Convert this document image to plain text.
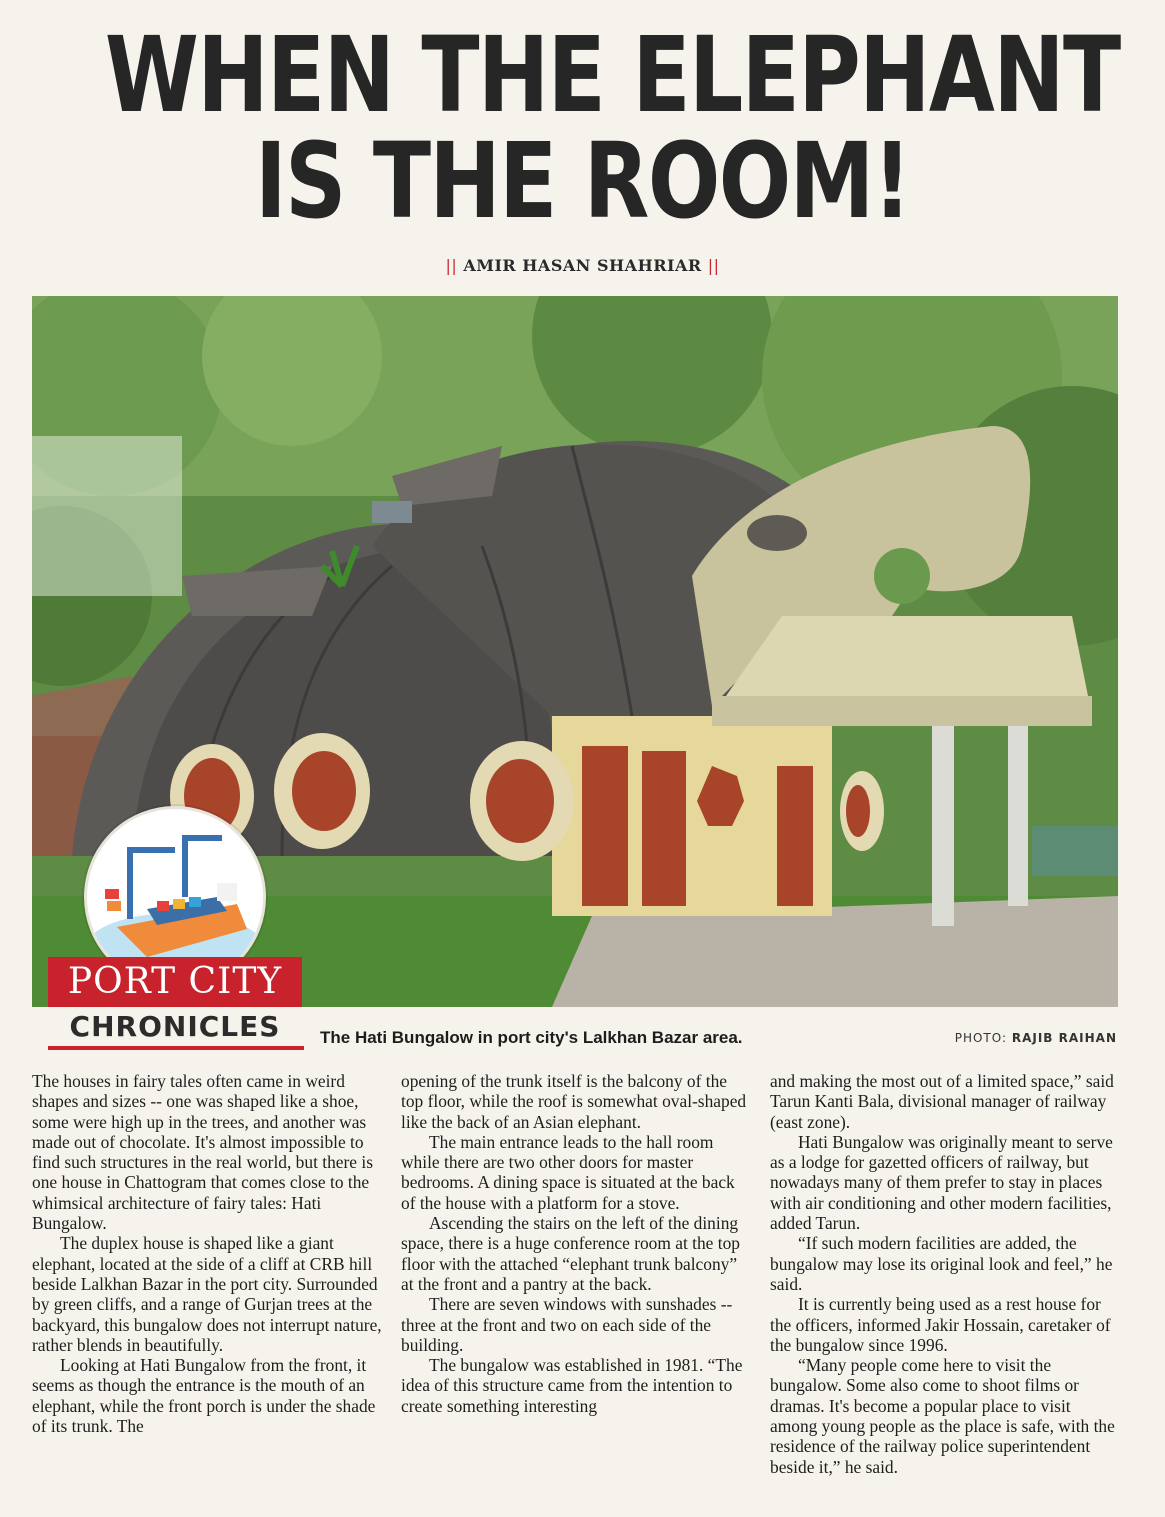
WHEN THE ELEPHANT
IS THE ROOM!
|| AMIR HASAN SHAHRIAR ||
PORT CITY
CHRONICLES	The Hati Bungalow in port city's Lalkhan Bazar area.	PHOTO: RAJIB RAIHAN

The houses in fairy tales often came in weird shapes and sizes -- one was shaped like a shoe, some were high up in the trees, and another was made out of chocolate. It's almost impossible to find such structures in the real world, but there is one house in Chattogram that comes close to the whimsical architecture of fairy tales: Hati Bungalow.

The duplex house is shaped like a giant elephant, located at the side of a cliff at CRB hill beside Lalkhan Bazar in the port city. Surrounded by green cliffs, and a range of Gurjan trees at the backyard, this bungalow does not interrupt nature, rather blends in beautifully.

Looking at Hati Bungalow from the front, it seems as though the entrance is the mouth of an elephant, while the front porch is under the shade of its trunk. The

opening of the trunk itself is the balcony of the top floor, while the roof is somewhat oval-shaped like the back of an Asian elephant.

The main entrance leads to the hall room while there are two other doors for master bedrooms. A dining space is situated at the back of the house with a platform for a stove.

Ascending the stairs on the left of the dining space, there is a huge conference room at the top floor with the attached “elephant trunk balcony” at the front and a pantry at the back.

There are seven windows with sunshades -- three at the front and two on each side of the building.

The bungalow was established in 1981. “The idea of this structure came from the intention to create something interesting

and making the most out of a limited space,” said Tarun Kanti Bala, divisional manager of railway (east zone).

Hati Bungalow was originally meant to serve as a lodge for gazetted officers of railway, but nowadays many of them prefer to stay in places with air conditioning and other modern facilities, added Tarun.

“If such modern facilities are added, the bungalow may lose its original look and feel,” he said.

It is currently being used as a rest house for the officers, informed Jakir Hossain, caretaker of the bungalow since 1996.

“Many people come here to visit the bungalow. Some also come to shoot films or dramas. It's become a popular place to visit among young people as the place is safe, with the residence of the railway police superintendent beside it,” he said.
